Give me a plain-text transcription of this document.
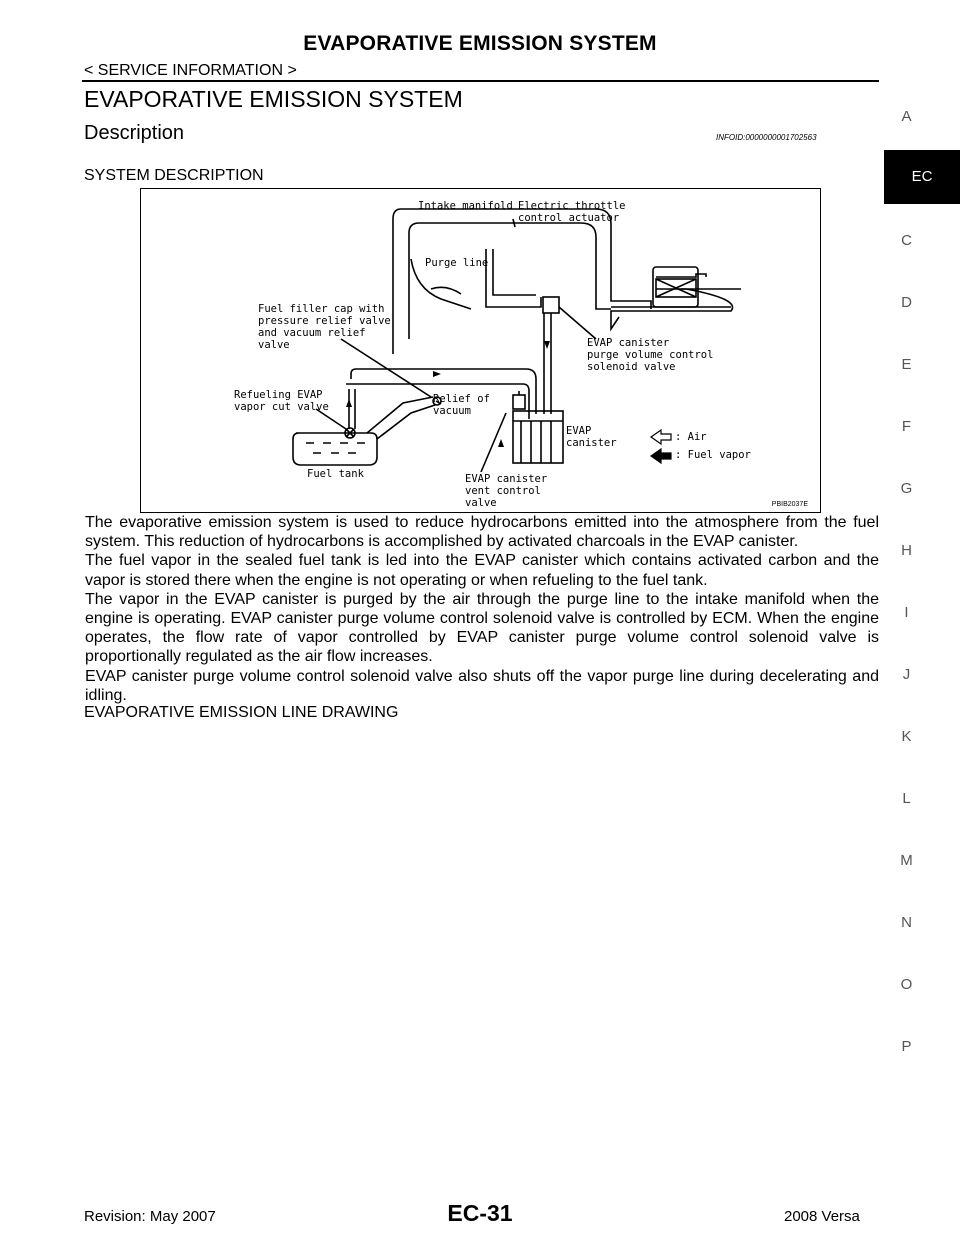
EVAPORATIVE EMISSION SYSTEM
< SERVICE INFORMATION >
EVAPORATIVE EMISSION SYSTEM
Description	INFOID:0000000001702563
SYSTEM DESCRIPTION
Intake manifold Electric throttle
control actuator
Purge line
Fuel filler cap with
pressure relief valve
and vacuum relief
valve	EVAP canister
purge volume control
solenoid valve
Refueling EVAP
vapor cut valve
Relief of
vacuum
EVAP
canister	: Air
: Fuel vapor
Fuel tank	EVAP canister
vent control
valve	PBIB2037E

The evaporative emission system is used to reduce hydrocarbons emitted into the atmosphere from the fuel system. This reduction of hydrocarbons is accomplished by activated charcoals in the EVAP canister.

The fuel vapor in the sealed fuel tank is led into the EVAP canister which contains activated carbon and the vapor is stored there when the engine is not operating or when refueling to the fuel tank.

The vapor in the EVAP canister is purged by the air through the purge line to the intake manifold when the engine is operating. EVAP canister purge volume control solenoid valve is controlled by ECM. When the engine operates, the flow rate of vapor controlled by EVAP canister purge volume control solenoid valve is proportionally regulated as the air flow increases.

EVAP canister purge volume control solenoid valve also shuts off the vapor purge line during decelerating and idling.

EVAPORATIVE EMISSION LINE DRAWING
A
EC
C
D
E
F
G
H
I
J
K
L
M
N
O
P
Revision: May 2007	EC-31	2008 Versa
